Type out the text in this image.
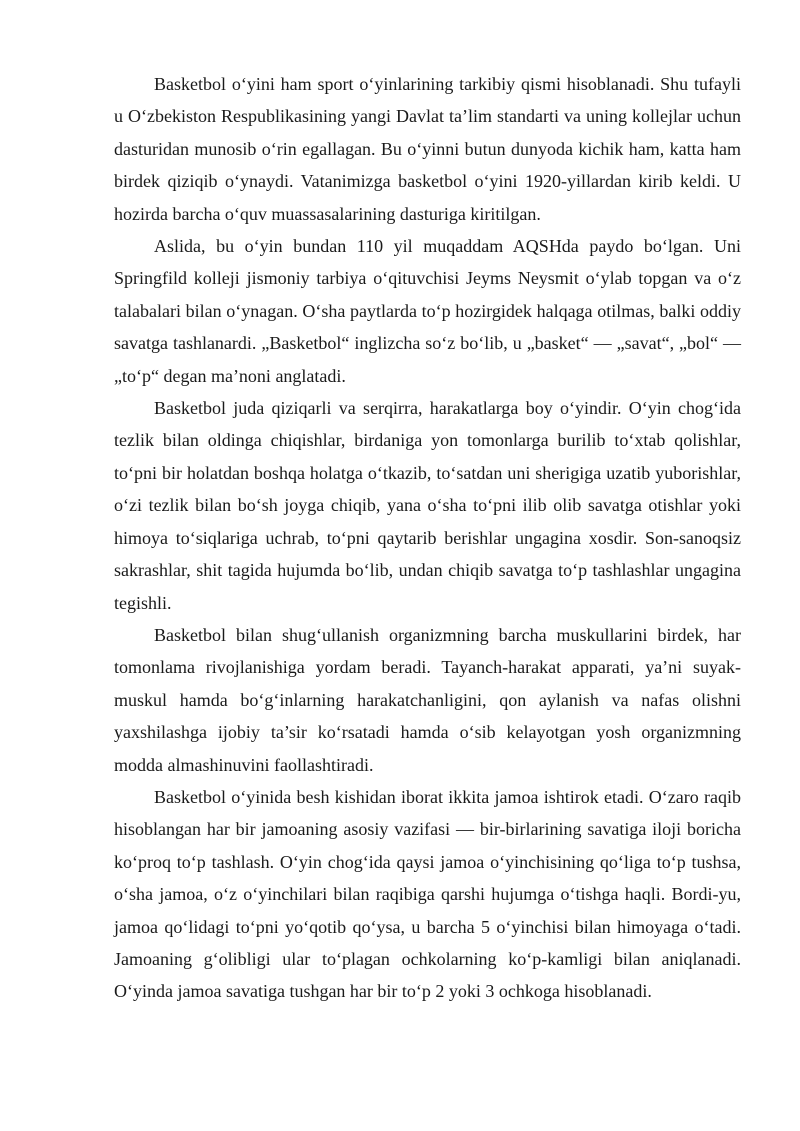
Basketbol o‘yini ham sport o‘yinlarining tarkibiy qismi hisoblanadi. Shu tufayli u O‘zbekiston Respublikasining yangi Davlat ta’lim standarti va uning kollejlar uchun dasturidan munosib o‘rin egallagan. Bu o‘yinni butun dunyoda kichik ham, katta ham birdek qiziqib o‘ynaydi. Vatanimizga basketbol o‘yini 1920-yillardan kirib keldi. U hozirda barcha o‘quv muassasalarining dasturiga kiritilgan.

Aslida, bu o‘yin bundan 110 yil muqaddam AQSHda paydo bo‘lgan. Uni Springfild kolleji jismoniy tarbiya o‘qituvchisi Jeyms Neysmit o‘ylab topgan va o‘z talabalari bilan o‘ynagan. O‘sha paytlarda to‘p hozirgidek halqaga otilmas, balki oddiy savatga tashlanardi. „Basketbol“ inglizcha so‘z bo‘lib, u „basket“ — „savat“, „bol“ — „to‘p“ degan ma’noni anglatadi.

Basketbol juda qiziqarli va serqirra, harakatlarga boy o‘yindir. O‘yin chog‘ida tezlik bilan oldinga chiqishlar, birdaniga yon tomonlarga burilib to‘xtab qolishlar, to‘pni bir holatdan boshqa holatga o‘tkazib, to‘satdan uni sherigiga uzatib yuborishlar, o‘zi tezlik bilan bo‘sh joyga chiqib, yana o‘sha to‘pni ilib olib savatga otishlar yoki himoya to‘siqlariga uchrab, to‘pni qaytarib berishlar ungagina xosdir. Son-sanoqsiz sakrashlar, shit tagida hujumda bo‘lib, undan chiqib savatga to‘p tashlashlar ungagina tegishli.

Basketbol bilan shug‘ullanish organizmning barcha muskullarini birdek, har tomonlama rivojlanishiga yordam beradi. Tayanch-harakat apparati, ya’ni suyak-muskul hamda bo‘g‘inlarning harakatchanligini, qon aylanish va nafas olishni yaxshilashga ijobiy ta’sir ko‘rsatadi hamda o‘sib kelayotgan yosh organizmning modda almashinuvini faollashtiradi.

Basketbol o‘yinida besh kishidan iborat ikkita jamoa ishtirok etadi. O‘zaro raqib hisoblangan har bir jamoaning asosiy vazifasi — bir-birlarining savatiga iloji boricha ko‘proq to‘p tashlash. O‘yin chog‘ida qaysi jamoa o‘yinchisining qo‘liga to‘p tushsa, o‘sha jamoa, o‘z o‘yinchilari bilan raqibiga qarshi hujumga o‘tishga haqli. Bordi-yu, jamoa qo‘lidagi to‘pni yo‘qotib qo‘ysa, u barcha 5 o‘yinchisi bilan himoyaga o‘tadi. Jamoaning g‘olibligi ular to‘plagan ochkolarning ko‘p-kamligi bilan aniqlanadi. O‘yinda jamoa savatiga tushgan har bir to‘p 2 yoki 3 ochkoga hisoblanadi.
